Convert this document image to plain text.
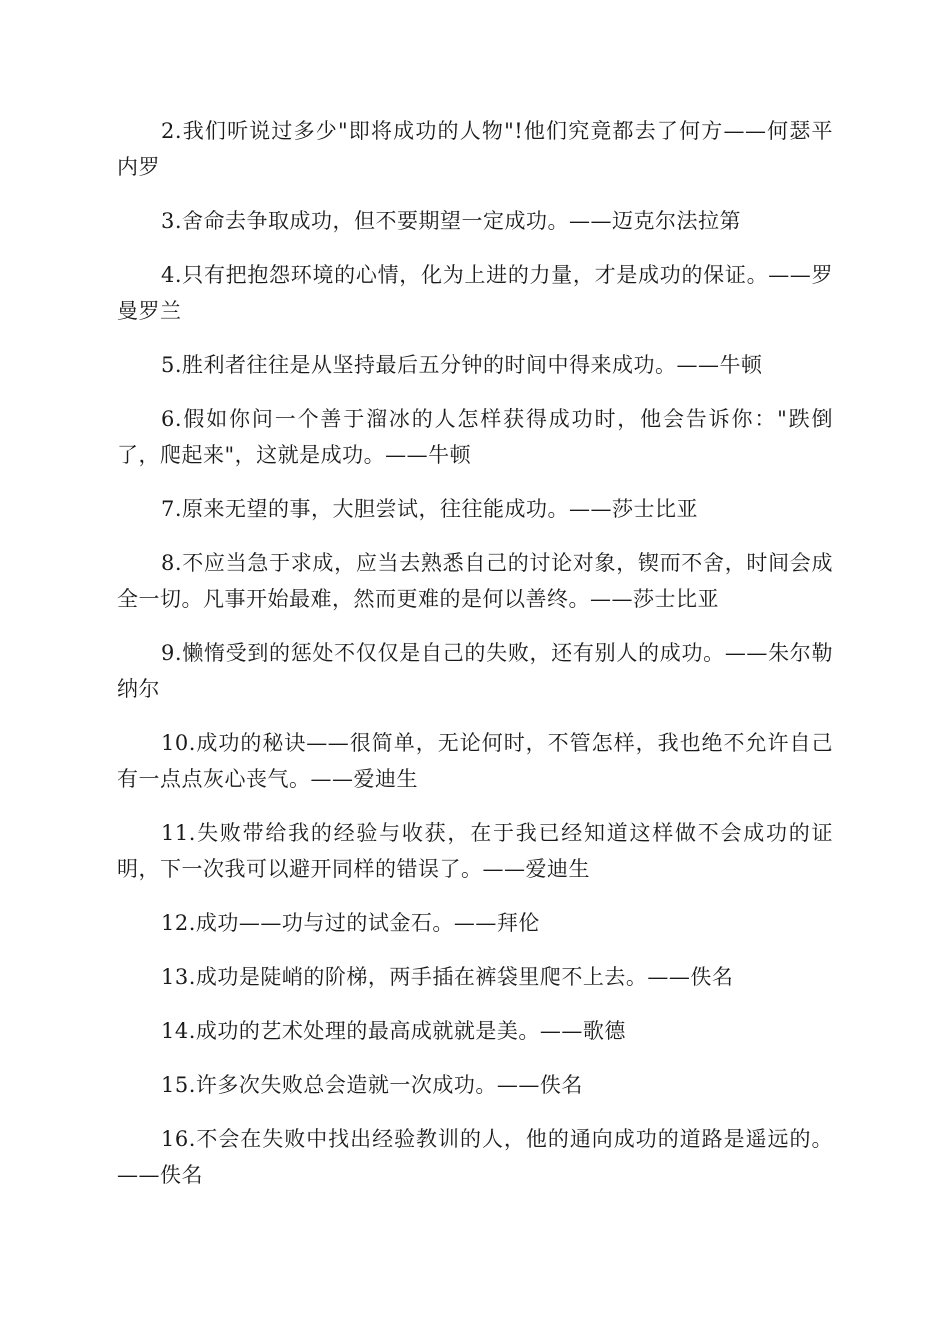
2.我们听说过多少"即将成功的人物"!他们究竟都去了何方——何瑟平内罗

3.舍命去争取成功，但不要期望一定成功。——迈克尔法拉第

4.只有把抱怨环境的心情，化为上进的力量，才是成功的保证。——罗曼罗兰

5.胜利者往往是从坚持最后五分钟的时间中得来成功。——牛顿

6.假如你问一个善于溜冰的人怎样获得成功时，他会告诉你："跌倒了，爬起来"，这就是成功。——牛顿

7.原来无望的事，大胆尝试，往往能成功。——莎士比亚

8.不应当急于求成，应当去熟悉自己的讨论对象，锲而不舍，时间会成全一切。凡事开始最难，然而更难的是何以善终。——莎士比亚

9.懒惰受到的惩处不仅仅是自己的失败，还有别人的成功。——朱尔勒纳尔

10.成功的秘诀——很简单，无论何时，不管怎样，我也绝不允许自己有一点点灰心丧气。——爱迪生

11.失败带给我的经验与收获，在于我已经知道这样做不会成功的证明，下一次我可以避开同样的错误了。——爱迪生

12.成功——功与过的试金石。——拜伦

13.成功是陡峭的阶梯，两手插在裤袋里爬不上去。——佚名

14.成功的艺术处理的最高成就就是美。——歌德

15.许多次失败总会造就一次成功。——佚名

16.不会在失败中找出经验教训的人，他的通向成功的道路是遥远的。——佚名
